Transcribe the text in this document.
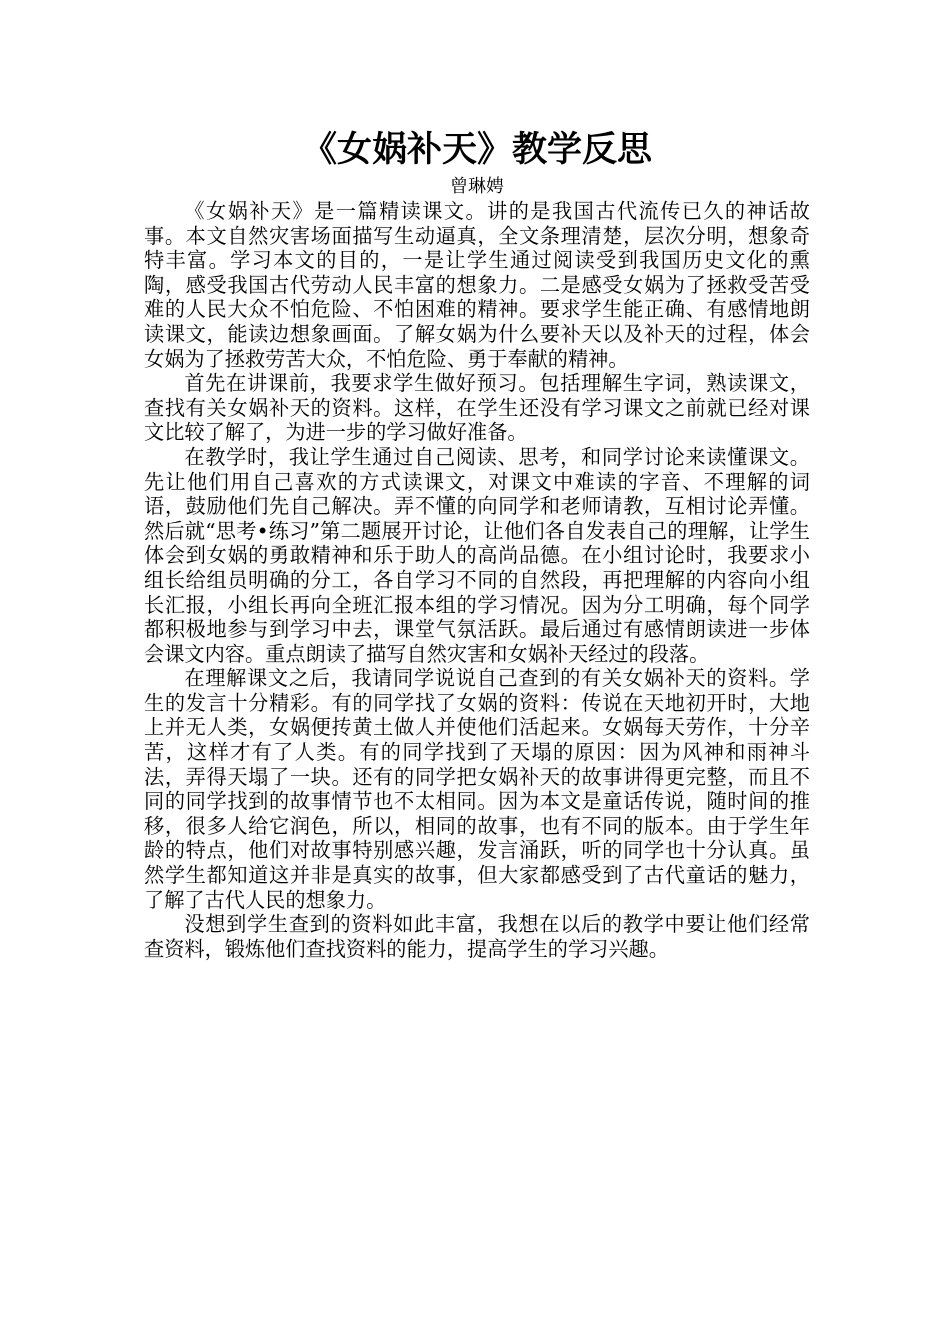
《女娲补天》教学反思

曾琳娉

《女娲补天》是一篇精读课文。讲的是我国古代流传已久的神话故事。本文自然灾害场面描写生动逼真，全文条理清楚，层次分明，想象奇特丰富。学习本文的目的，一是让学生通过阅读受到我国历史文化的熏陶，感受我国古代劳动人民丰富的想象力。二是感受女娲为了拯救受苦受难的人民大众不怕危险、不怕困难的精神。要求学生能正确、有感情地朗读课文，能读边想象画面。了解女娲为什么要补天以及补天的过程，体会女娲为了拯救劳苦大众，不怕危险、勇于奉献的精神。

首先在讲课前，我要求学生做好预习。包括理解生字词，熟读课文，查找有关女娲补天的资料。这样，在学生还没有学习课文之前就已经对课文比较了解了，为进一步的学习做好准备。

在教学时，我让学生通过自己阅读、思考，和同学讨论来读懂课文。先让他们用自己喜欢的方式读课文，对课文中难读的字音、不理解的词语，鼓励他们先自己解决。弄不懂的向同学和老师请教，互相讨论弄懂。然后就“思考•练习”第二题展开讨论，让他们各自发表自己的理解，让学生体会到女娲的勇敢精神和乐于助人的高尚品德。在小组讨论时，我要求小组长给组员明确的分工，各自学习不同的自然段，再把理解的内容向小组长汇报，小组长再向全班汇报本组的学习情况。因为分工明确，每个同学都积极地参与到学习中去，课堂气氛活跃。最后通过有感情朗读进一步体会课文内容。重点朗读了描写自然灾害和女娲补天经过的段落。

在理解课文之后，我请同学说说自己查到的有关女娲补天的资料。学生的发言十分精彩。有的同学找了女娲的资料：传说在天地初开时，大地上并无人类，女娲便抟黄土做人并使他们活起来。女娲每天劳作，十分辛苦，这样才有了人类。有的同学找到了天塌的原因：因为风神和雨神斗法，弄得天塌了一块。还有的同学把女娲补天的故事讲得更完整，而且不同的同学找到的故事情节也不太相同。因为本文是童话传说，随时间的推移，很多人给它润色，所以，相同的故事，也有不同的版本。由于学生年龄的特点，他们对故事特别感兴趣，发言涌跃，听的同学也十分认真。虽然学生都知道这并非是真实的故事，但大家都感受到了古代童话的魅力，了解了古代人民的想象力。

没想到学生查到的资料如此丰富，我想在以后的教学中要让他们经常查资料，锻炼他们查找资料的能力，提高学生的学习兴趣。
